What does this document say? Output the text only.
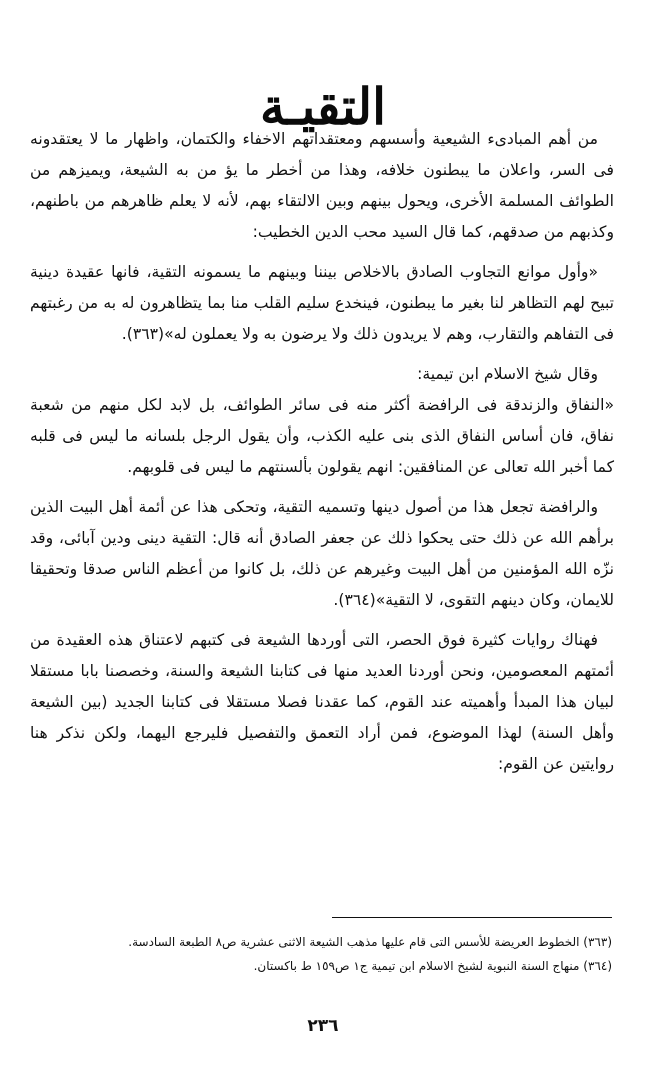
التقيـة

من أهم المبادىء الشيعية وأسسهم ومعتقداتهم الاخفاء والكتمان، واظهار ما لا يعتقدونه فى السر، واعلان ما يبطنون خلافه، وهذا من أخطر ما يؤ من به الشيعة، ويميزهم من الطوائف المسلمة الأخرى، ويحول بينهم وبين الالتقاء بهم، لأنه لا يعلم ظاهرهم من باطنهم، وكذبهم من صدقهم، كما قال السيد محب الدين الخطيب:

«وأول موانع التجاوب الصادق بالاخلاص بيننا وبينهم ما يسمونه التقية، فانها عقيدة دينية تبيح لهم التظاهر لنا بغير ما يبطنون، فينخدع سليم القلب منا بما يتظاهرون له به من رغبتهم فى التفاهم والتقارب، وهم لا يريدون ذلك ولا يرضون به ولا يعملون له»(٣٦٣).

وقال شيخ الاسلام ابن تيمية:

«النفاق والزندقة فى الرافضة أكثر منه فى سائر الطوائف، بل لابد لكل منهم من شعبة نفاق، فان أساس النفاق الذى بنى عليه الكذب، وأن يقول الرجل بلسانه ما ليس فى قلبه كما أخبر الله تعالى عن المنافقين: انهم يقولون بألسنتهم ما ليس فى قلوبهم.

والرافضة تجعل هذا من أصول دينها وتسميه التقية، وتحكى هذا عن أئمة أهل البيت الذين برأهم الله عن ذلك حتى يحكوا ذلك عن جعفر الصادق أنه قال: التقية دينى ودين آبائى، وقد نزّه الله المؤمنين من أهل البيت وغيرهم عن ذلك، بل كانوا من أعظم الناس صدقا وتحقيقا للايمان، وكان دينهم التقوى، لا التقية»(٣٦٤).

فهناك روايات كثيرة فوق الحصر، التى أوردها الشيعة فى كتبهم لاعتناق هذه العقيدة من أئمتهم المعصومين، ونحن أوردنا العديد منها فى كتابنا الشيعة والسنة، وخصصنا بابا مستقلا لبيان هذا المبدأ وأهميته عند القوم، كما عقدنا فصلا مستقلا فى كتابنا الجديد (بين الشيعة وأهل السنة) لهذا الموضوع، فمن أراد التعمق والتفصيل فليرجع اليهما، ولكن نذكر هنا روايتين عن القوم:

(٣٦٣) الخطوط العريضة للأسس التى قام عليها مذهب الشيعة الاثنى عشرية ص٨ الطبعة السادسة.

(٣٦٤) منهاج السنة النبوية لشيخ الاسلام ابن تيمية ج١ ص١٥٩ ط باكستان.

٢٣٦
